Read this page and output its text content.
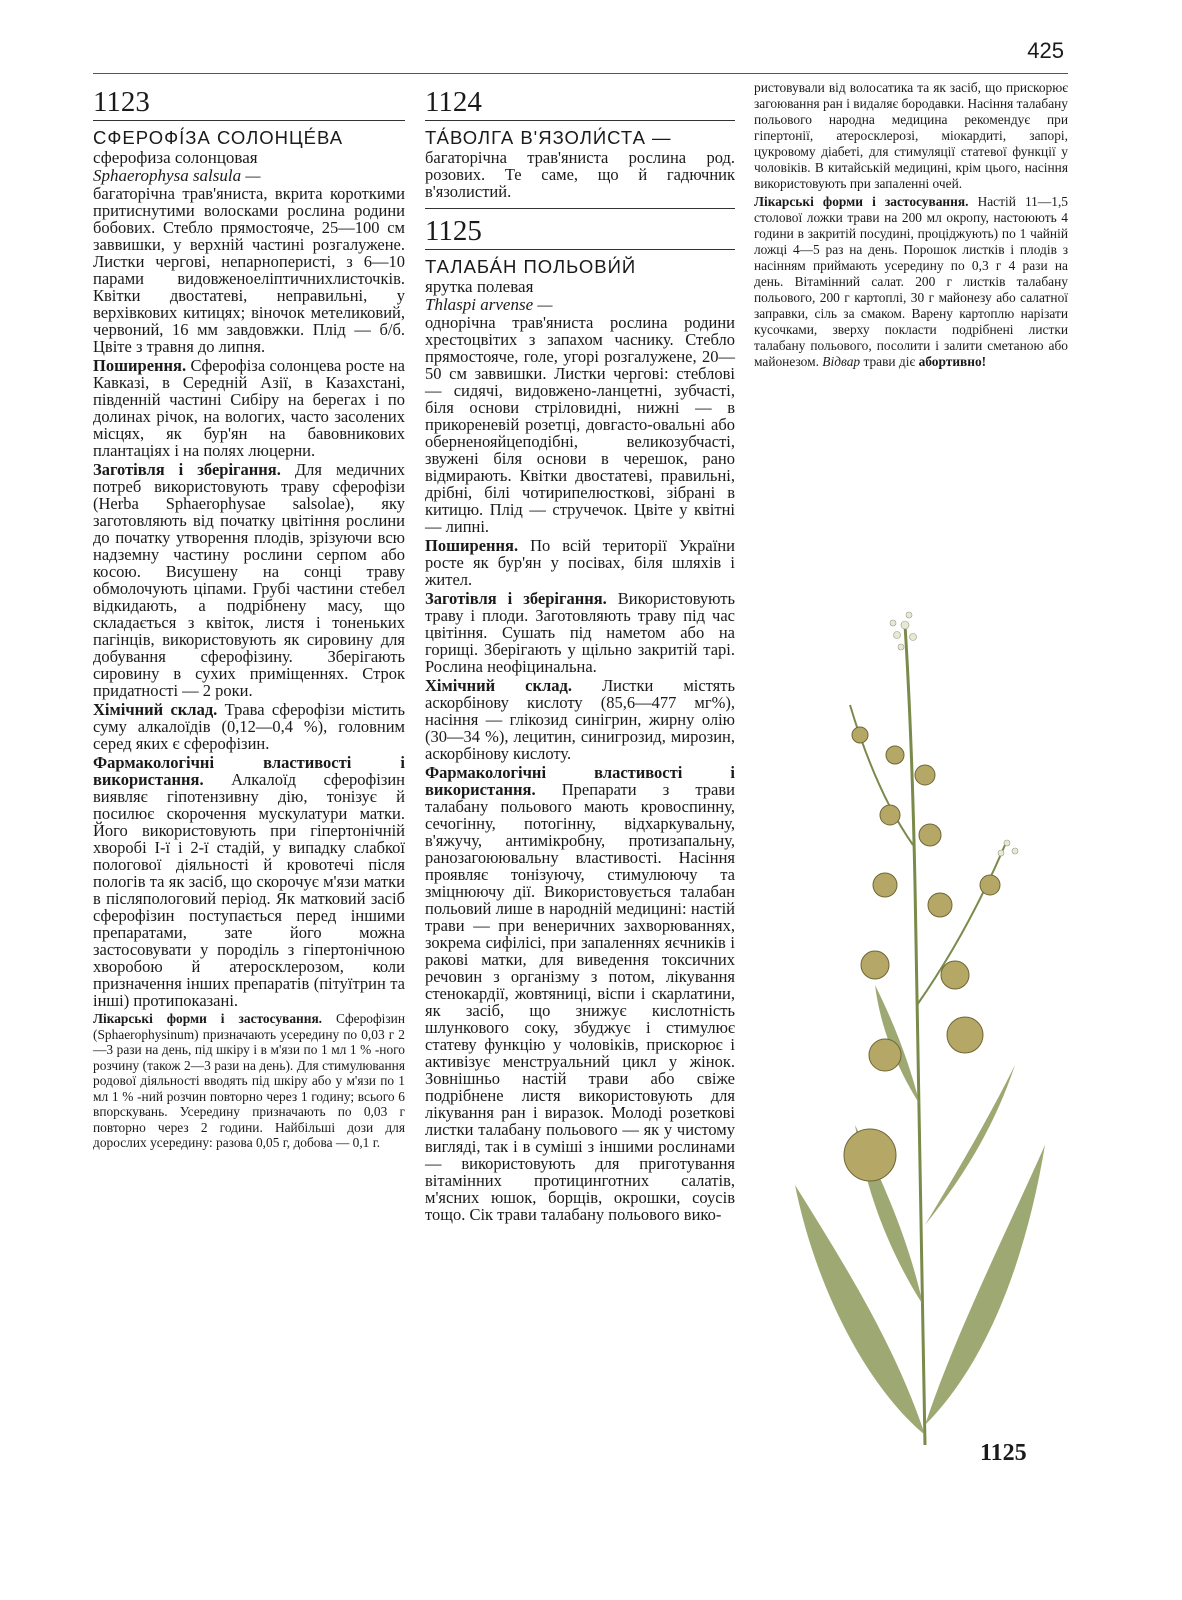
425
1123
СФЕРОФІ́ЗА СОЛОНЦЕ́ВА
сферофиза солонцовая
Sphaerophysa salsula —

багаторічна трав'яниста, вкрита короткими притиснутими волосками рослина родини бобових. Стебло прямостояче, 25—100 см заввишки, у верхній частині розгалужене. Листки чергові, непарноперисті, з 6—10 парами видовженоеліптичнихлисточків. Квітки двостатеві, неправильні, у верхівкових китицях; віночок метеликовий, червоний, 16 мм завдовжки. Плід — б/б. Цвіте з травня до липня.

Поширення. Сферофіза солонцева росте на Кавказі, в Середній Азії, в Казахстані, південній частині Сибіру на берегах і по долинах річок, на вологих, часто засолених місцях, як бур'ян на бавовникових плантаціях і на полях люцерни.

Заготівля і зберігання. Для медичних потреб використовують траву сферофізи (Herba Sphaerophysae salsolae), яку заготовляють від початку цвітіння рослини до початку утворення плодів, зрізуючи всю надземну частину рослини серпом або косою. Висушену на сонці траву обмолочують ціпами. Грубі частини стебел відкидають, а подрібнену масу, що складається з квіток, листя і тоненьких пагінців, використовують як сировину для добування сферофізину. Зберігають сировину в сухих приміщеннях. Строк придатності — 2 роки.

Хімічний склад. Трава сферофізи містить суму алкалоїдів (0,12—0,4 %), головним серед яких є сферофізин.

Фармакологічні властивості і використання. Алкалоїд сферофізин виявляє гіпотензивну дію, тонізує й посилює скорочення мускулатури матки. Його використовують при гіпертонічній хворобі І-ї і 2-ї стадій, у випадку слабкої пологової діяльності й кровотечі після пологів та як засіб, що скорочує м'язи матки в післяпологовий період. Як матковий засіб сферофізин поступається перед іншими препаратами, зате його можна застосовувати у породіль з гіпертонічною хворобою й атеросклерозом, коли призначення інших препаратів (пітуїтрин та інші) протипоказані.

Лікарські форми і застосування. Сферофізин (Sphaerophysinum) призначають усередину по 0,03 г 2—3 рази на день, під шкіру і в м'язи по 1 мл 1 % -ного розчину (також 2—3 рази на день). Для стимулювання родової діяльності вводять під шкіру або у м'язи по 1 мл 1 % -ний розчин повторно через 1 годину; всього 6 впорскувань. Усередину призначають по 0,03 г повторно через 2 години. Найбільші дози для дорослих усередину: разова 0,05 г, добова — 0,1 г.

1124
ТА́ВОЛГА В'ЯЗОЛИ́СТА —

багаторічна трав'яниста рослина род. розових. Те саме, що й гадючник в'язолистий.

1125
ТАЛАБА́Н ПОЛЬОВИ́Й
ярутка полевая
Thlaspi arvense —

однорічна трав'яниста рослина родини хрестоцвітих з запахом часнику. Стебло прямостояче, голе, угорі розгалужене, 20—50 см заввишки. Листки чергові: стеблові — сидячі, видовжено-ланцетні, зубчасті, біля основи стріловидні, нижні — в прикореневій розетці, довгасто-овальні або оберненояйцеподібні, великозубчасті, звужені біля основи в черешок, рано відмирають. Квітки двостатеві, правильні, дрібні, білі чотирипелюсткові, зібрані в китицю. Плід — стручечок. Цвіте у квітні — липні.

Поширення. По всій території України росте як бур'ян у посівах, біля шляхів і жител.

Заготівля і зберігання. Використовують траву і плоди. Заготовляють траву під час цвітіння. Сушать під наметом або на горищі. Зберігають у щільно закритій тарі. Рослина неофіцинальна.

Хімічний склад. Листки містять аскорбінову кислоту (85,6—477 мг%), насіння — глікозид синігрин, жирну олію (30—34 %), лецитин, синигрозид, мирозин, аскорбінову кислоту.

Фармакологічні властивості і використання. Препарати з трави талабану польового мають кровоспинну, сечогінну, потогінну, відхаркувальну, в'яжучу, антимікробну, протизапальну, ранозагоюювальну властивості. Насіння проявляє тонізуючу, стимулюючу та зміцнюючу дії. Використовується талабан польовий лише в народній медицині: настій трави — при венеричних захворюваннях, зокрема сифілісі, при запаленнях яєчників і ракові матки, для виведення токсичних речовин з організму з потом, лікування стенокардії, жовтяниці, віспи і скарлатини, як засіб, що знижує кислотність шлункового соку, збуджує і стимулює статеву функцію у чоловіків, прискорює і активізує менструальний цикл у жінок. Зовнішньо настій трави або свіже подрібнене листя використовують для лікування ран і виразок. Молоді розеткові листки талабану польового — як у чистому вигляді, так і в суміші з іншими рослинами — використовують для приготування вітамінних протицинготних салатів, м'ясних юшок, борщів, окрошки, соусів тощо. Сік трави талабану польового вико-

ристовували від волосатика та як засіб, що прискорює загоювання ран і видаляє бородавки. Насіння талабану польового народна медицина рекомендує при гіпертонії, атеросклерозі, міокардиті, запорі, цукровому діабеті, для стимуляції статевої функції у чоловіків. В китайській медицині, крім цього, насіння використовують при запаленні очей.

Лікарські форми і застосування. Настій 11—1,5 столової ложки трави на 200 мл окропу, настоюють 4 години в закритій посудині, проціджують) по 1 чайній ложці 4—5 раз на день. Порошок листків і плодів з насінням приймають усередину по 0,3 г 4 рази на день. Вітамінний салат. 200 г листків талабану польового, 200 г картоплі, 30 г майонезу або салатної заправки, сіль за смаком. Варену картоплю нарізати кусочками, зверху покласти подрібнені листки талабану польового, посолити і залити сметаною або майонезом. Відвар трави діє абортивно!

1125
